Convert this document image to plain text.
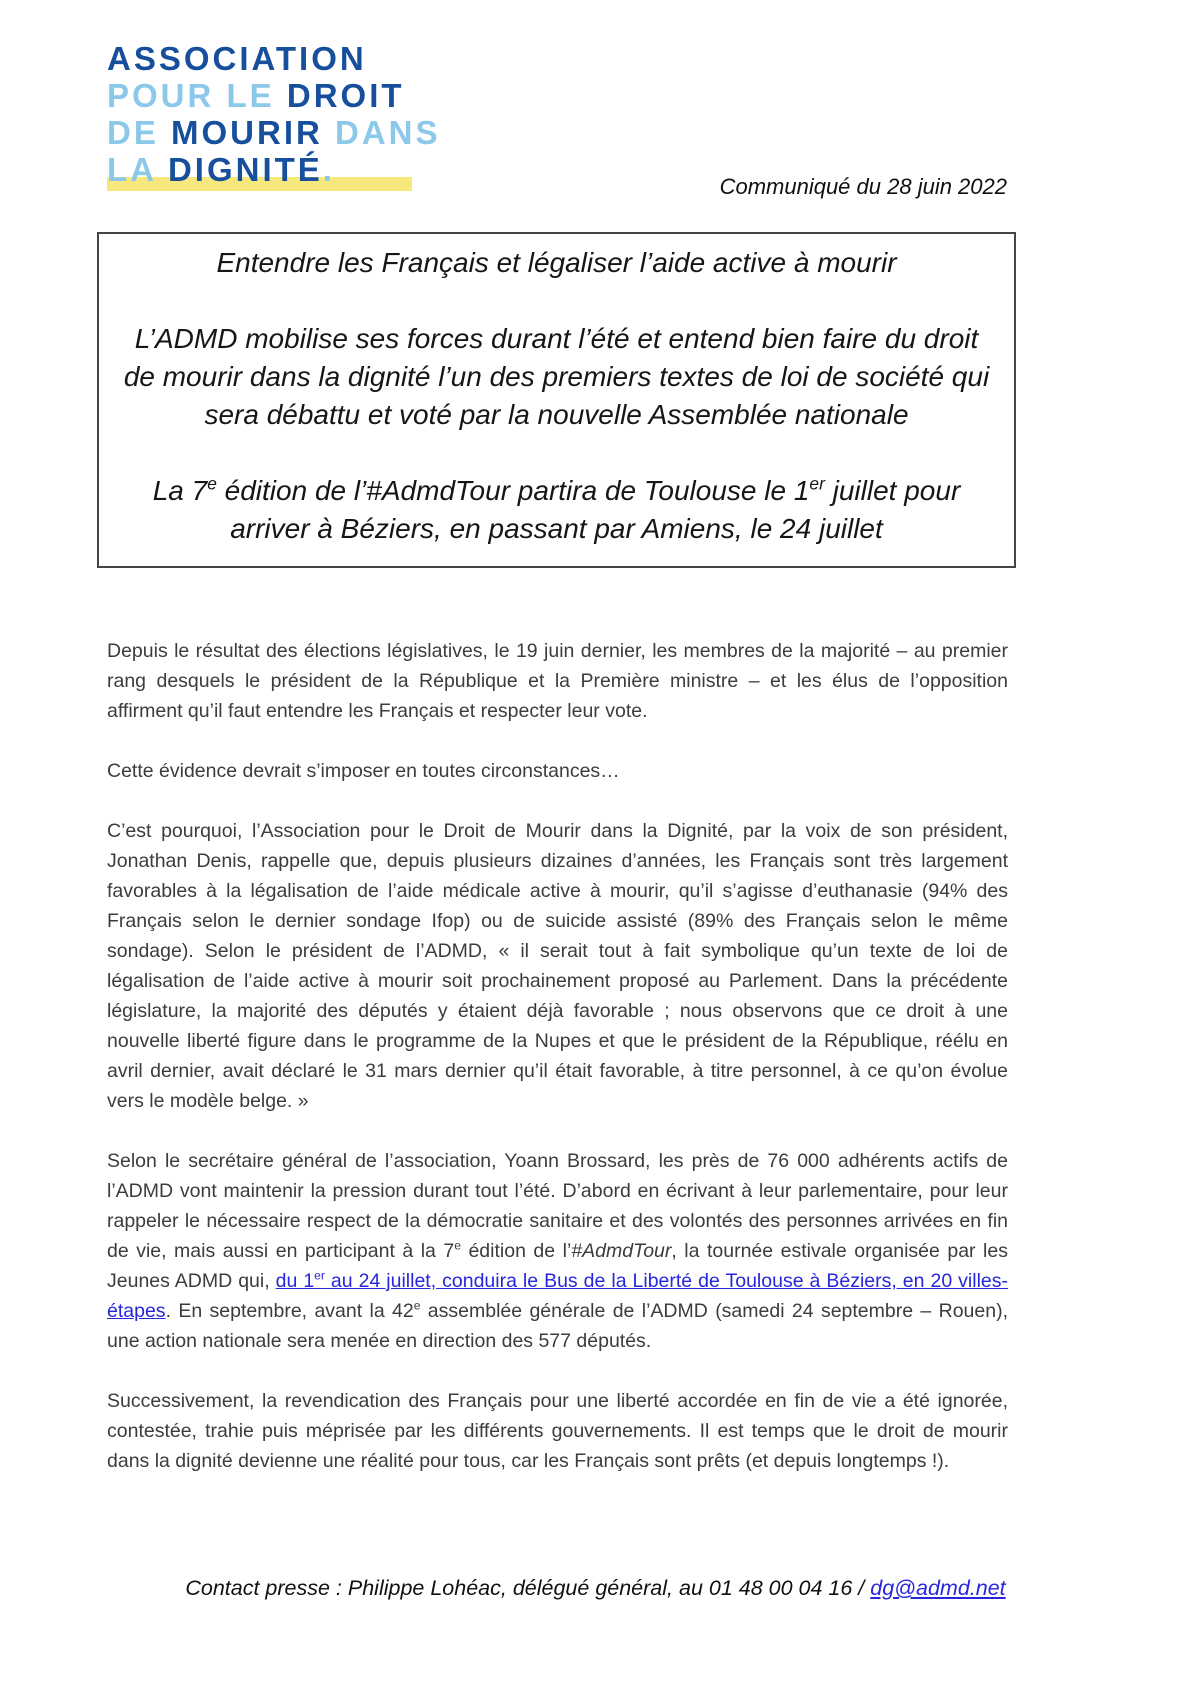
ASSOCIATION
POUR LE DROIT
DE MOURIR DANS
LA DIGNITÉ.	Communiqué du 28 juin 2022
Entendre les Français et légaliser l’aide active à mourir
L’ADMD mobilise ses forces durant l’été et entend bien faire du droit de mourir dans la dignité l’un des premiers textes de loi de société qui sera débattu et voté par la nouvelle Assemblée nationale
La 7e édition de l’#AdmdTour partira de Toulouse le 1er juillet pour arriver à Béziers, en passant par Amiens, le 24 juillet

Depuis le résultat des élections législatives, le 19 juin dernier, les membres de la majorité – au premier rang desquels le président de la République et la Première ministre – et les élus de l’opposition affirment qu’il faut entendre les Français et respecter leur vote.

Cette évidence devrait s’imposer en toutes circonstances…

C’est pourquoi, l’Association pour le Droit de Mourir dans la Dignité, par la voix de son président, Jonathan Denis, rappelle que, depuis plusieurs dizaines d’années, les Français sont très largement favorables à la légalisation de l’aide médicale active à mourir, qu’il s’agisse d’euthanasie (94% des Français selon le dernier sondage Ifop) ou de suicide assisté (89% des Français selon le même sondage). Selon le président de l’ADMD, « il serait tout à fait symbolique qu’un texte de loi de légalisation de l’aide active à mourir soit prochainement proposé au Parlement. Dans la précédente législature, la majorité des députés y étaient déjà favorable ; nous observons que ce droit à une nouvelle liberté figure dans le programme de la Nupes et que le président de la République, réélu en avril dernier, avait déclaré le 31 mars dernier qu’il était favorable, à titre personnel, à ce qu’on évolue vers le modèle belge. »

Selon le secrétaire général de l’association, Yoann Brossard, les près de 76 000 adhérents actifs de l’ADMD vont maintenir la pression durant tout l’été. D’abord en écrivant à leur parlementaire, pour leur rappeler le nécessaire respect de la démocratie sanitaire et des volontés des personnes arrivées en fin de vie, mais aussi en participant à la 7e édition de l’#AdmdTour, la tournée estivale organisée par les Jeunes ADMD qui, du 1er au 24 juillet, conduira le Bus de la Liberté de Toulouse à Béziers, en 20 villes-étapes. En septembre, avant la 42e assemblée générale de l’ADMD (samedi 24 septembre – Rouen), une action nationale sera menée en direction des 577 députés.

Successivement, la revendication des Français pour une liberté accordée en fin de vie a été ignorée, contestée, trahie puis méprisée par les différents gouvernements. Il est temps que le droit de mourir dans la dignité devienne une réalité pour tous, car les Français sont prêts (et depuis longtemps !).

Contact presse : Philippe Lohéac, délégué général, au 01 48 00 04 16 / dg@admd.net
